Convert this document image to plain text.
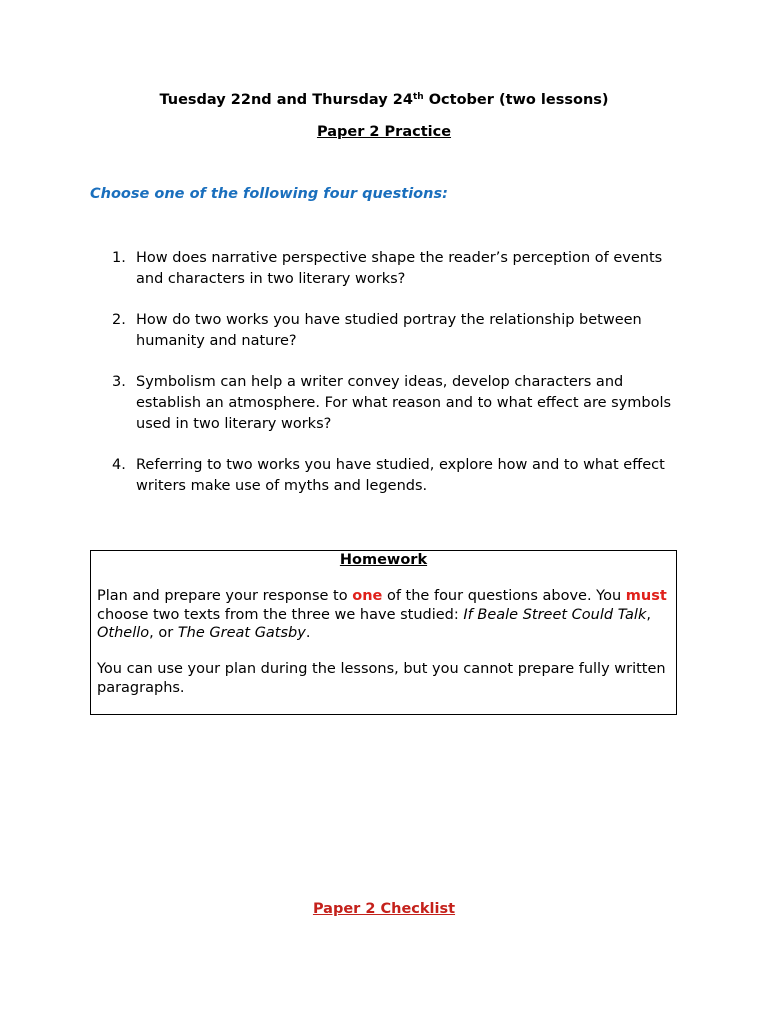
Tuesday 22nd and Thursday 24th October (two lessons)
Paper 2 Practice
Choose one of the following four questions:
1. How does narrative perspective shape the reader’s perception of events and characters in two literary works?
2. How do two works you have studied portray the relationship between humanity and nature?
3. Symbolism can help a writer convey ideas, develop characters and establish an atmosphere. For what reason and to what effect are symbols used in two literary works?
4. Referring to two works you have studied, explore how and to what effect writers make use of myths and legends.
Homework
Plan and prepare your response to one of the four questions above. You must choose two texts from the three we have studied: If Beale Street Could Talk, Othello, or The Great Gatsby.
You can use your plan during the lessons, but you cannot prepare fully written paragraphs.
Paper 2 Checklist
